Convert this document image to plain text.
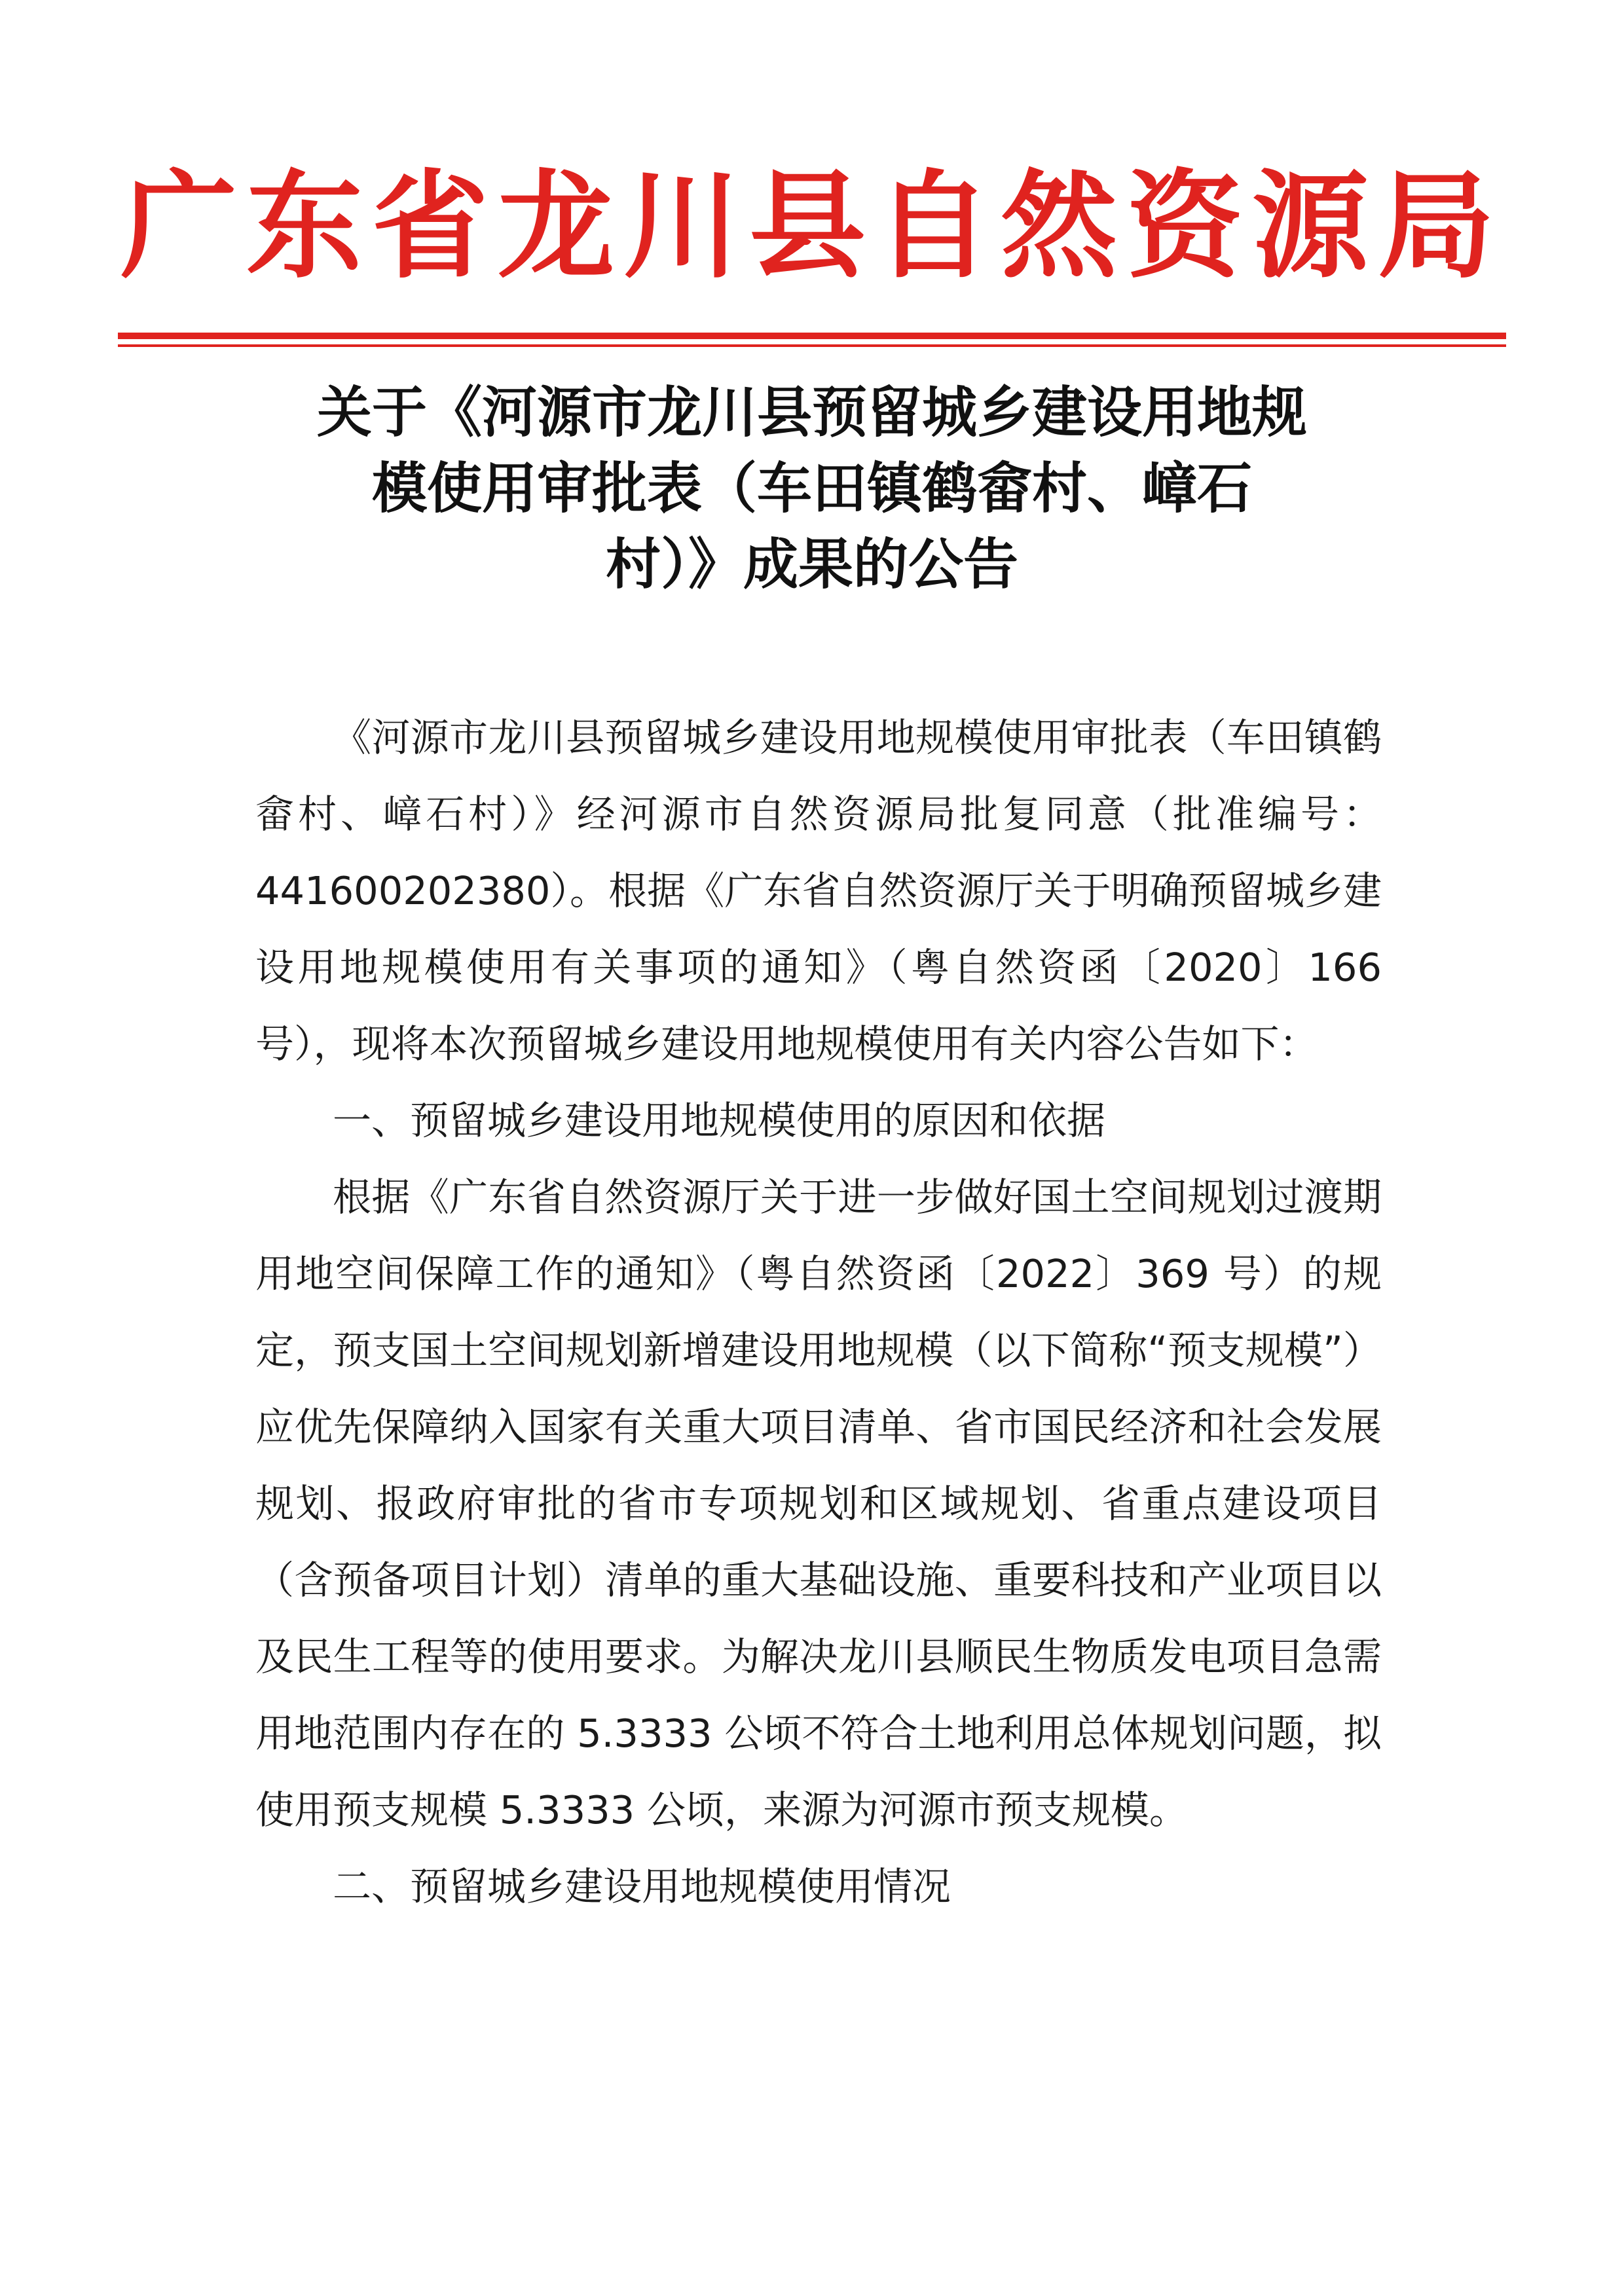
广东省龙川县自然资源局
关于《河源市龙川县预留城乡建设用地规
模使用审批表（车田镇鹤畲村、嶂石
村）》成果的公告

《河源市龙川县预留城乡建设用地规模使用审批表（车田镇鹤畲村、嶂石村）》经河源市自然资源局批复同意（批准编号：441600202380）。根据《广东省自然资源厅关于明确预留城乡建设用地规模使用有关事项的通知》（粤自然资函〔2020〕166 号），现将本次预留城乡建设用地规模使用有关内容公告如下：

一、预留城乡建设用地规模使用的原因和依据

根据《广东省自然资源厅关于进一步做好国土空间规划过渡期用地空间保障工作的通知》（粤自然资函〔2022〕369 号）的规定，预支国土空间规划新增建设用地规模（以下简称“预支规模”）应优先保障纳入国家有关重大项目清单、省市国民经济和社会发展规划、报政府审批的省市专项规划和区域规划、省重点建设项目（含预备项目计划）清单的重大基础设施、重要科技和产业项目以及民生工程等的使用要求。为解决龙川县顺民生物质发电项目急需用地范围内存在的 5.3333 公顷不符合土地利用总体规划问题，拟使用预支规模 5.3333 公顷，来源为河源市预支规模。

二、预留城乡建设用地规模使用情况
